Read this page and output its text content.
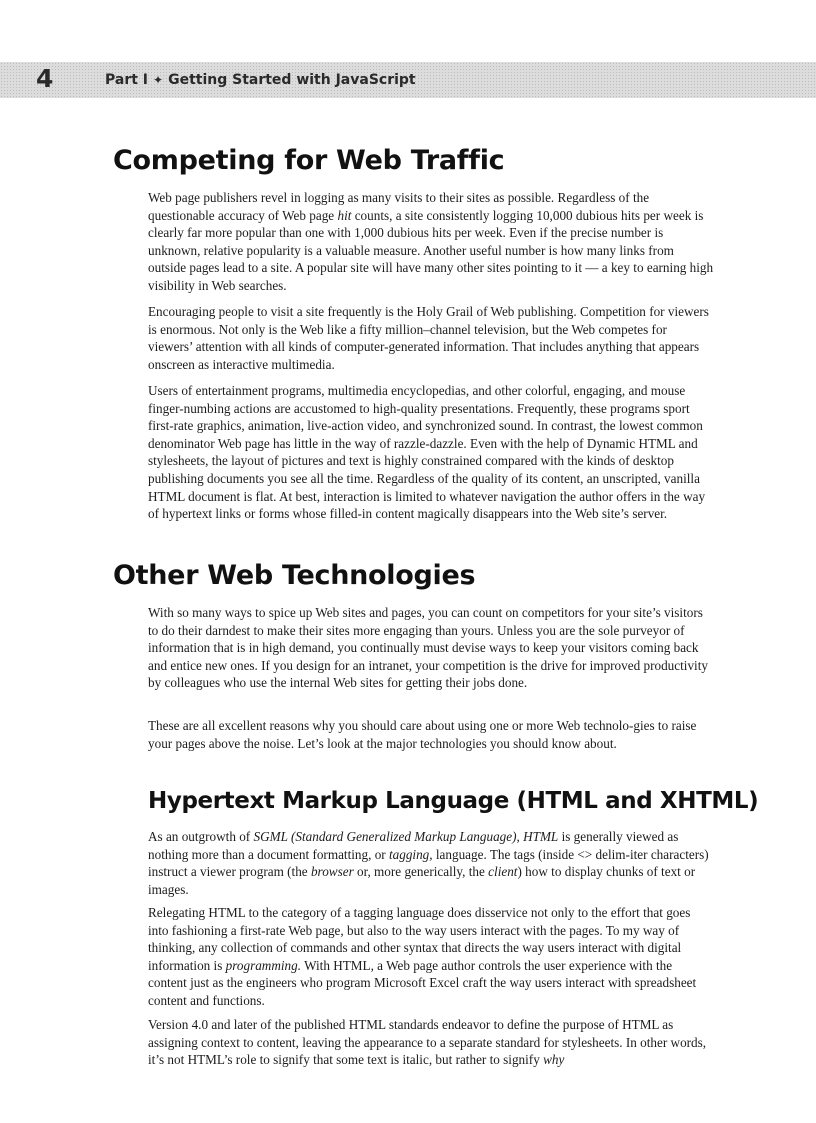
4	Part I ✦ Getting Started with JavaScript
Competing for Web Traffic

Web page publishers revel in logging as many visits to their sites as possible. Regardless of the questionable accuracy of Web page hit counts, a site consistently logging 10,000 dubious hits per week is clearly far more popular than one with 1,000 dubious hits per week. Even if the precise number is unknown, relative popularity is a valuable measure. Another useful number is how many links from outside pages lead to a site. A popular site will have many other sites pointing to it — a key to earning high visibility in Web searches.

Encouraging people to visit a site frequently is the Holy Grail of Web publishing. Competition for viewers is enormous. Not only is the Web like a fifty million–channel television, but the Web competes for viewers’ attention with all kinds of computer-generated information. That includes anything that appears onscreen as interactive multimedia.

Users of entertainment programs, multimedia encyclopedias, and other colorful, engaging, and mouse finger-numbing actions are accustomed to high-quality presentations. Frequently, these programs sport first-rate graphics, animation, live-action video, and synchronized sound. In contrast, the lowest common denominator Web page has little in the way of razzle-dazzle. Even with the help of Dynamic HTML and stylesheets, the layout of pictures and text is highly constrained compared with the kinds of desktop publishing documents you see all the time. Regardless of the quality of its content, an unscripted, vanilla HTML document is flat. At best, interaction is limited to whatever navigation the author offers in the way of hypertext links or forms whose filled-in content magically disappears into the Web site’s server.

Other Web Technologies

With so many ways to spice up Web sites and pages, you can count on competitors for your site’s visitors to do their darndest to make their sites more engaging than yours. Unless you are the sole purveyor of information that is in high demand, you continually must devise ways to keep your visitors coming back and entice new ones. If you design for an intranet, your competition is the drive for improved productivity by colleagues who use the internal Web sites for getting their jobs done.

These are all excellent reasons why you should care about using one or more Web technolo-gies to raise your pages above the noise. Let’s look at the major technologies you should know about.

Hypertext Markup Language (HTML and XHTML)

As an outgrowth of SGML (Standard Generalized Markup Language), HTML is generally viewed as nothing more than a document formatting, or tagging, language. The tags (inside <> delim-iter characters) instruct a viewer program (the browser or, more generically, the client) how to display chunks of text or images.

Relegating HTML to the category of a tagging language does disservice not only to the effort that goes into fashioning a first-rate Web page, but also to the way users interact with the pages. To my way of thinking, any collection of commands and other syntax that directs the way users interact with digital information is programming. With HTML, a Web page author controls the user experience with the content just as the engineers who program Microsoft Excel craft the way users interact with spreadsheet content and functions.

Version 4.0 and later of the published HTML standards endeavor to define the purpose of HTML as assigning context to content, leaving the appearance to a separate standard for stylesheets. In other words, it’s not HTML’s role to signify that some text is italic, but rather to signify why
